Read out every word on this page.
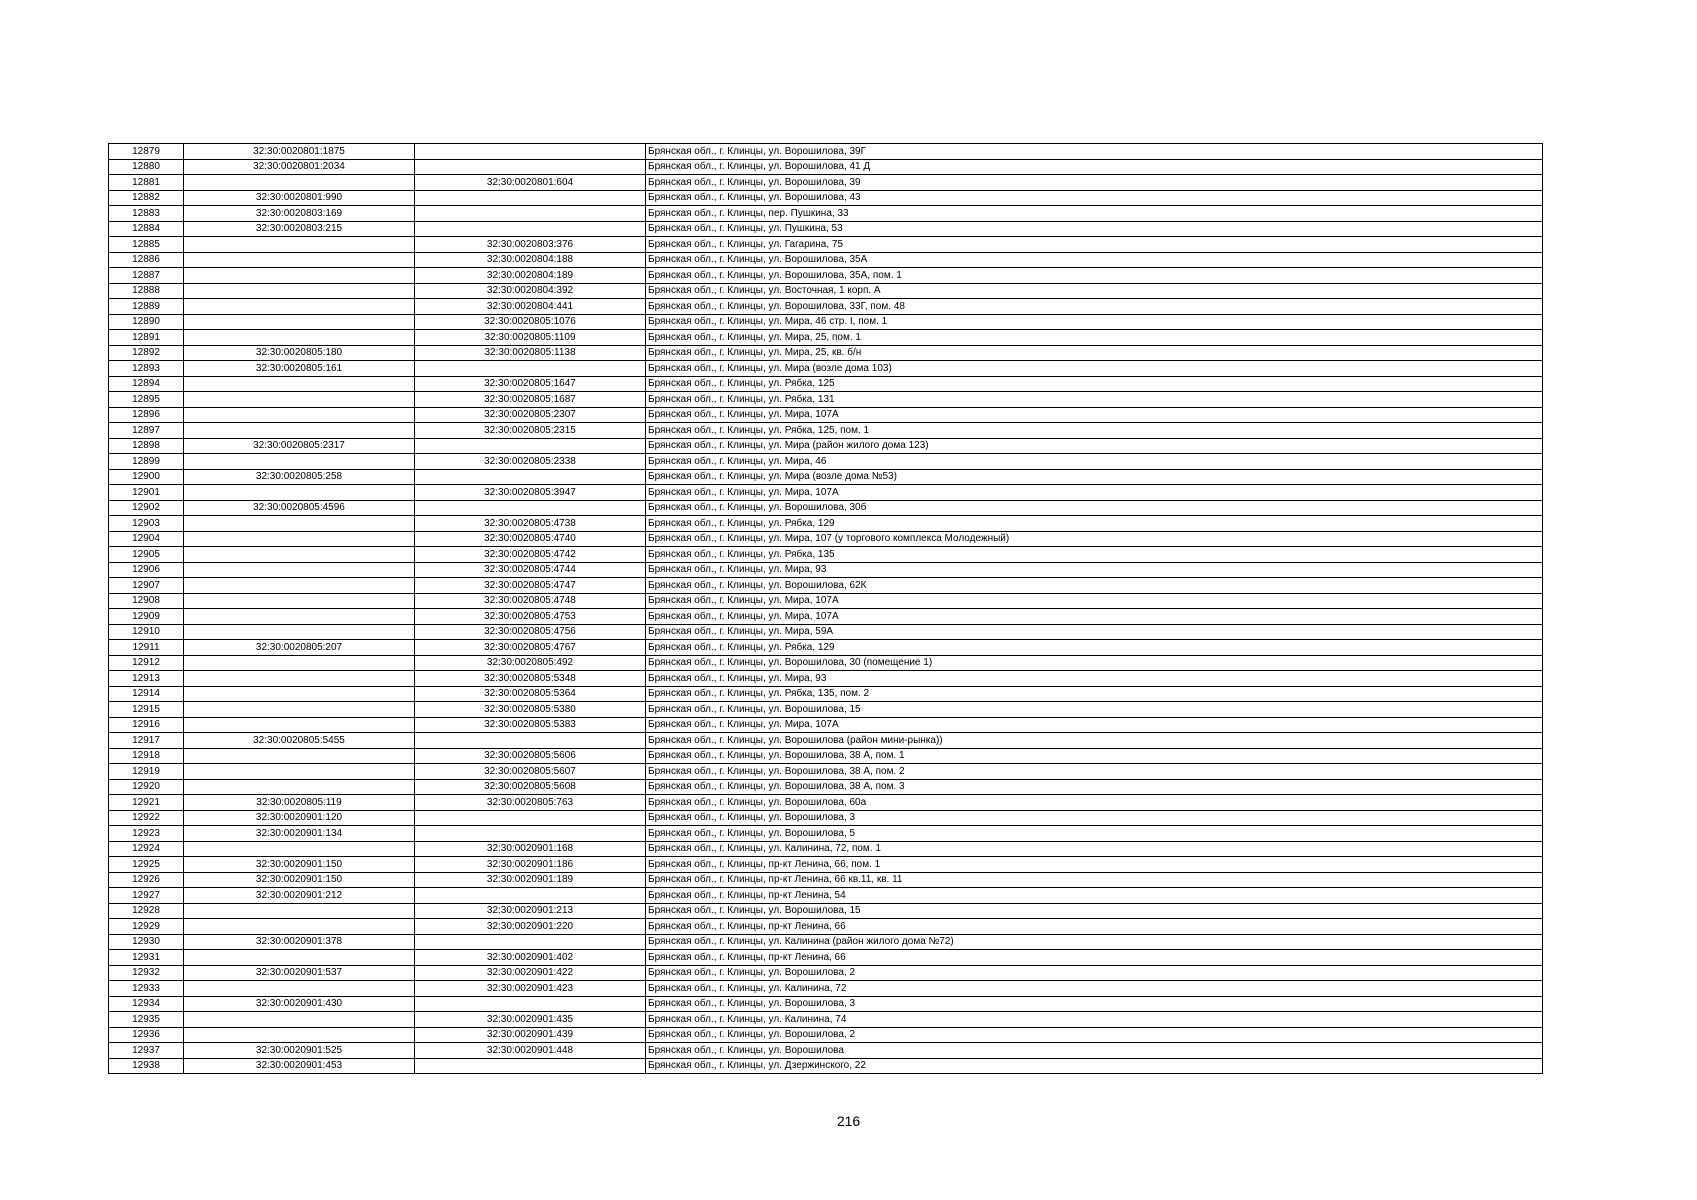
12879	32:30:0020801:1875		Брянская обл., г. Клинцы, ул. Ворошилова, 39Г
12880	32:30:0020801:2034		Брянская обл., г. Клинцы, ул. Ворошилова, 41 Д
12881		32:30:0020801:604	Брянская обл., г. Клинцы, ул. Ворошилова, 39
12882	32:30:0020801:990		Брянская обл., г. Клинцы, ул. Ворошилова, 43
12883	32:30:0020803:169		Брянская обл., г. Клинцы, пер. Пушкина, 33
12884	32:30:0020803:215		Брянская обл., г. Клинцы, ул. Пушкина, 53
12885		32:30:0020803:376	Брянская обл., г. Клинцы, ул. Гагарина, 75
12886		32:30:0020804:188	Брянская обл., г. Клинцы, ул. Ворошилова, 35А
12887		32:30:0020804:189	Брянская обл., г. Клинцы, ул. Ворошилова, 35А, пом. 1
12888		32:30:0020804:392	Брянская обл., г. Клинцы, ул. Восточная, 1 корп. А
12889		32:30:0020804:441	Брянская обл., г. Клинцы, ул. Ворошилова, 33Г, пом. 48
12890		32:30:0020805:1076	Брянская обл., г. Клинцы, ул. Мира, 46 стр. I, пом. 1
12891		32:30:0020805:1109	Брянская обл., г. Клинцы, ул. Мира, 25, пом. 1
12892	32:30:0020805:180	32:30:0020805:1138	Брянская обл., г. Клинцы, ул. Мира, 25, кв. б/н
12893	32:30:0020805:161		Брянская обл., г. Клинцы, ул. Мира (возле дома 103)
12894		32:30:0020805:1647	Брянская обл., г. Клинцы, ул. Рябка, 125
12895		32:30:0020805:1687	Брянская обл., г. Клинцы, ул. Рябка, 131
12896		32:30:0020805:2307	Брянская обл., г. Клинцы, ул. Мира, 107А
12897		32:30:0020805:2315	Брянская обл., г. Клинцы, ул. Рябка, 125, пом. 1
12898	32:30:0020805:2317		Брянская обл., г. Клинцы, ул. Мира (район жилого дома 123)
12899		32:30:0020805:2338	Брянская обл., г. Клинцы, ул. Мира, 46
12900	32:30:0020805:258		Брянская обл., г. Клинцы, ул. Мира (возле дома №53)
12901		32:30:0020805:3947	Брянская обл., г. Клинцы, ул. Мира, 107А
12902	32:30:0020805:4596		Брянская обл., г. Клинцы, ул. Ворошилова, 30б
12903		32:30:0020805:4738	Брянская обл., г. Клинцы, ул. Рябка, 129
12904		32:30:0020805:4740	Брянская обл., г. Клинцы, ул. Мира, 107 (у торгового комплекса Молодежный)
12905		32:30:0020805:4742	Брянская обл., г. Клинцы, ул. Рябка, 135
12906		32:30:0020805:4744	Брянская обл., г. Клинцы, ул. Мира, 93
12907		32:30:0020805:4747	Брянская обл., г. Клинцы, ул. Ворошилова, 62К
12908		32:30:0020805:4748	Брянская обл., г. Клинцы, ул. Мира, 107А
12909		32:30:0020805:4753	Брянская обл., г. Клинцы, ул. Мира, 107А
12910		32:30:0020805:4756	Брянская обл., г. Клинцы, ул. Мира, 59А
12911	32:30:0020805:207	32:30:0020805:4767	Брянская обл., г. Клинцы, ул. Рябка, 129
12912		32:30:0020805:492	Брянская обл., г. Клинцы, ул. Ворошилова, 30 (помещение 1)
12913		32:30:0020805:5348	Брянская обл., г. Клинцы, ул. Мира, 93
12914		32:30:0020805:5364	Брянская обл., г. Клинцы, ул. Рябка, 135, пом. 2
12915		32:30:0020805:5380	Брянская обл., г. Клинцы, ул. Ворошилова, 15
12916		32:30:0020805:5383	Брянская обл., г. Клинцы, ул. Мира, 107А
12917	32:30:0020805:5455		Брянская обл., г. Клинцы, ул. Ворошилова (район мини-рынка))
12918		32:30:0020805:5606	Брянская обл., г. Клинцы, ул. Ворошилова, 38 А, пом. 1
12919		32:30:0020805:5607	Брянская обл., г. Клинцы, ул. Ворошилова, 38 А, пом. 2
12920		32:30:0020805:5608	Брянская обл., г. Клинцы, ул. Ворошилова, 38 А, пом. 3
12921	32:30:0020805:119	32:30:0020805:763	Брянская обл., г. Клинцы, ул. Ворошилова, 60а
12922	32:30:0020901:120		Брянская обл., г. Клинцы, ул. Ворошилова, 3
12923	32:30:0020901:134		Брянская обл., г. Клинцы, ул. Ворошилова, 5
12924		32:30:0020901:168	Брянская обл., г. Клинцы, ул. Калинина, 72, пом. 1
12925	32:30:0020901:150	32:30:0020901:186	Брянская обл., г. Клинцы, пр-кт Ленина, 66, пом. 1
12926	32:30:0020901:150	32:30:0020901:189	Брянская обл., г. Клинцы, пр-кт Ленина, 66 кв.11, кв. 11
12927	32:30:0020901:212		Брянская обл., г. Клинцы, пр-кт Ленина, 54
12928		32:30:0020901:213	Брянская обл., г. Клинцы, ул. Ворошилова, 15
12929		32:30:0020901:220	Брянская обл., г. Клинцы, пр-кт Ленина, 66
12930	32:30:0020901:378		Брянская обл., г. Клинцы, ул. Калинина (район жилого дома №72)
12931		32:30:0020901:402	Брянская обл., г. Клинцы, пр-кт Ленина, 66
12932	32:30:0020901:537	32:30:0020901:422	Брянская обл., г. Клинцы, ул. Ворошилова, 2
12933		32:30:0020901:423	Брянская обл., г. Клинцы, ул. Калинина, 72
12934	32:30:0020901:430		Брянская обл., г. Клинцы, ул. Ворошилова, 3
12935		32:30:0020901:435	Брянская обл., г. Клинцы, ул. Калинина, 74
12936		32:30:0020901:439	Брянская обл., г. Клинцы, ул. Ворошилова, 2
12937	32:30:0020901:525	32:30:0020901:448	Брянская обл., г. Клинцы, ул. Ворошилова
12938	32:30:0020901:453		Брянская обл., г. Клинцы, ул. Дзержинского, 22
216
